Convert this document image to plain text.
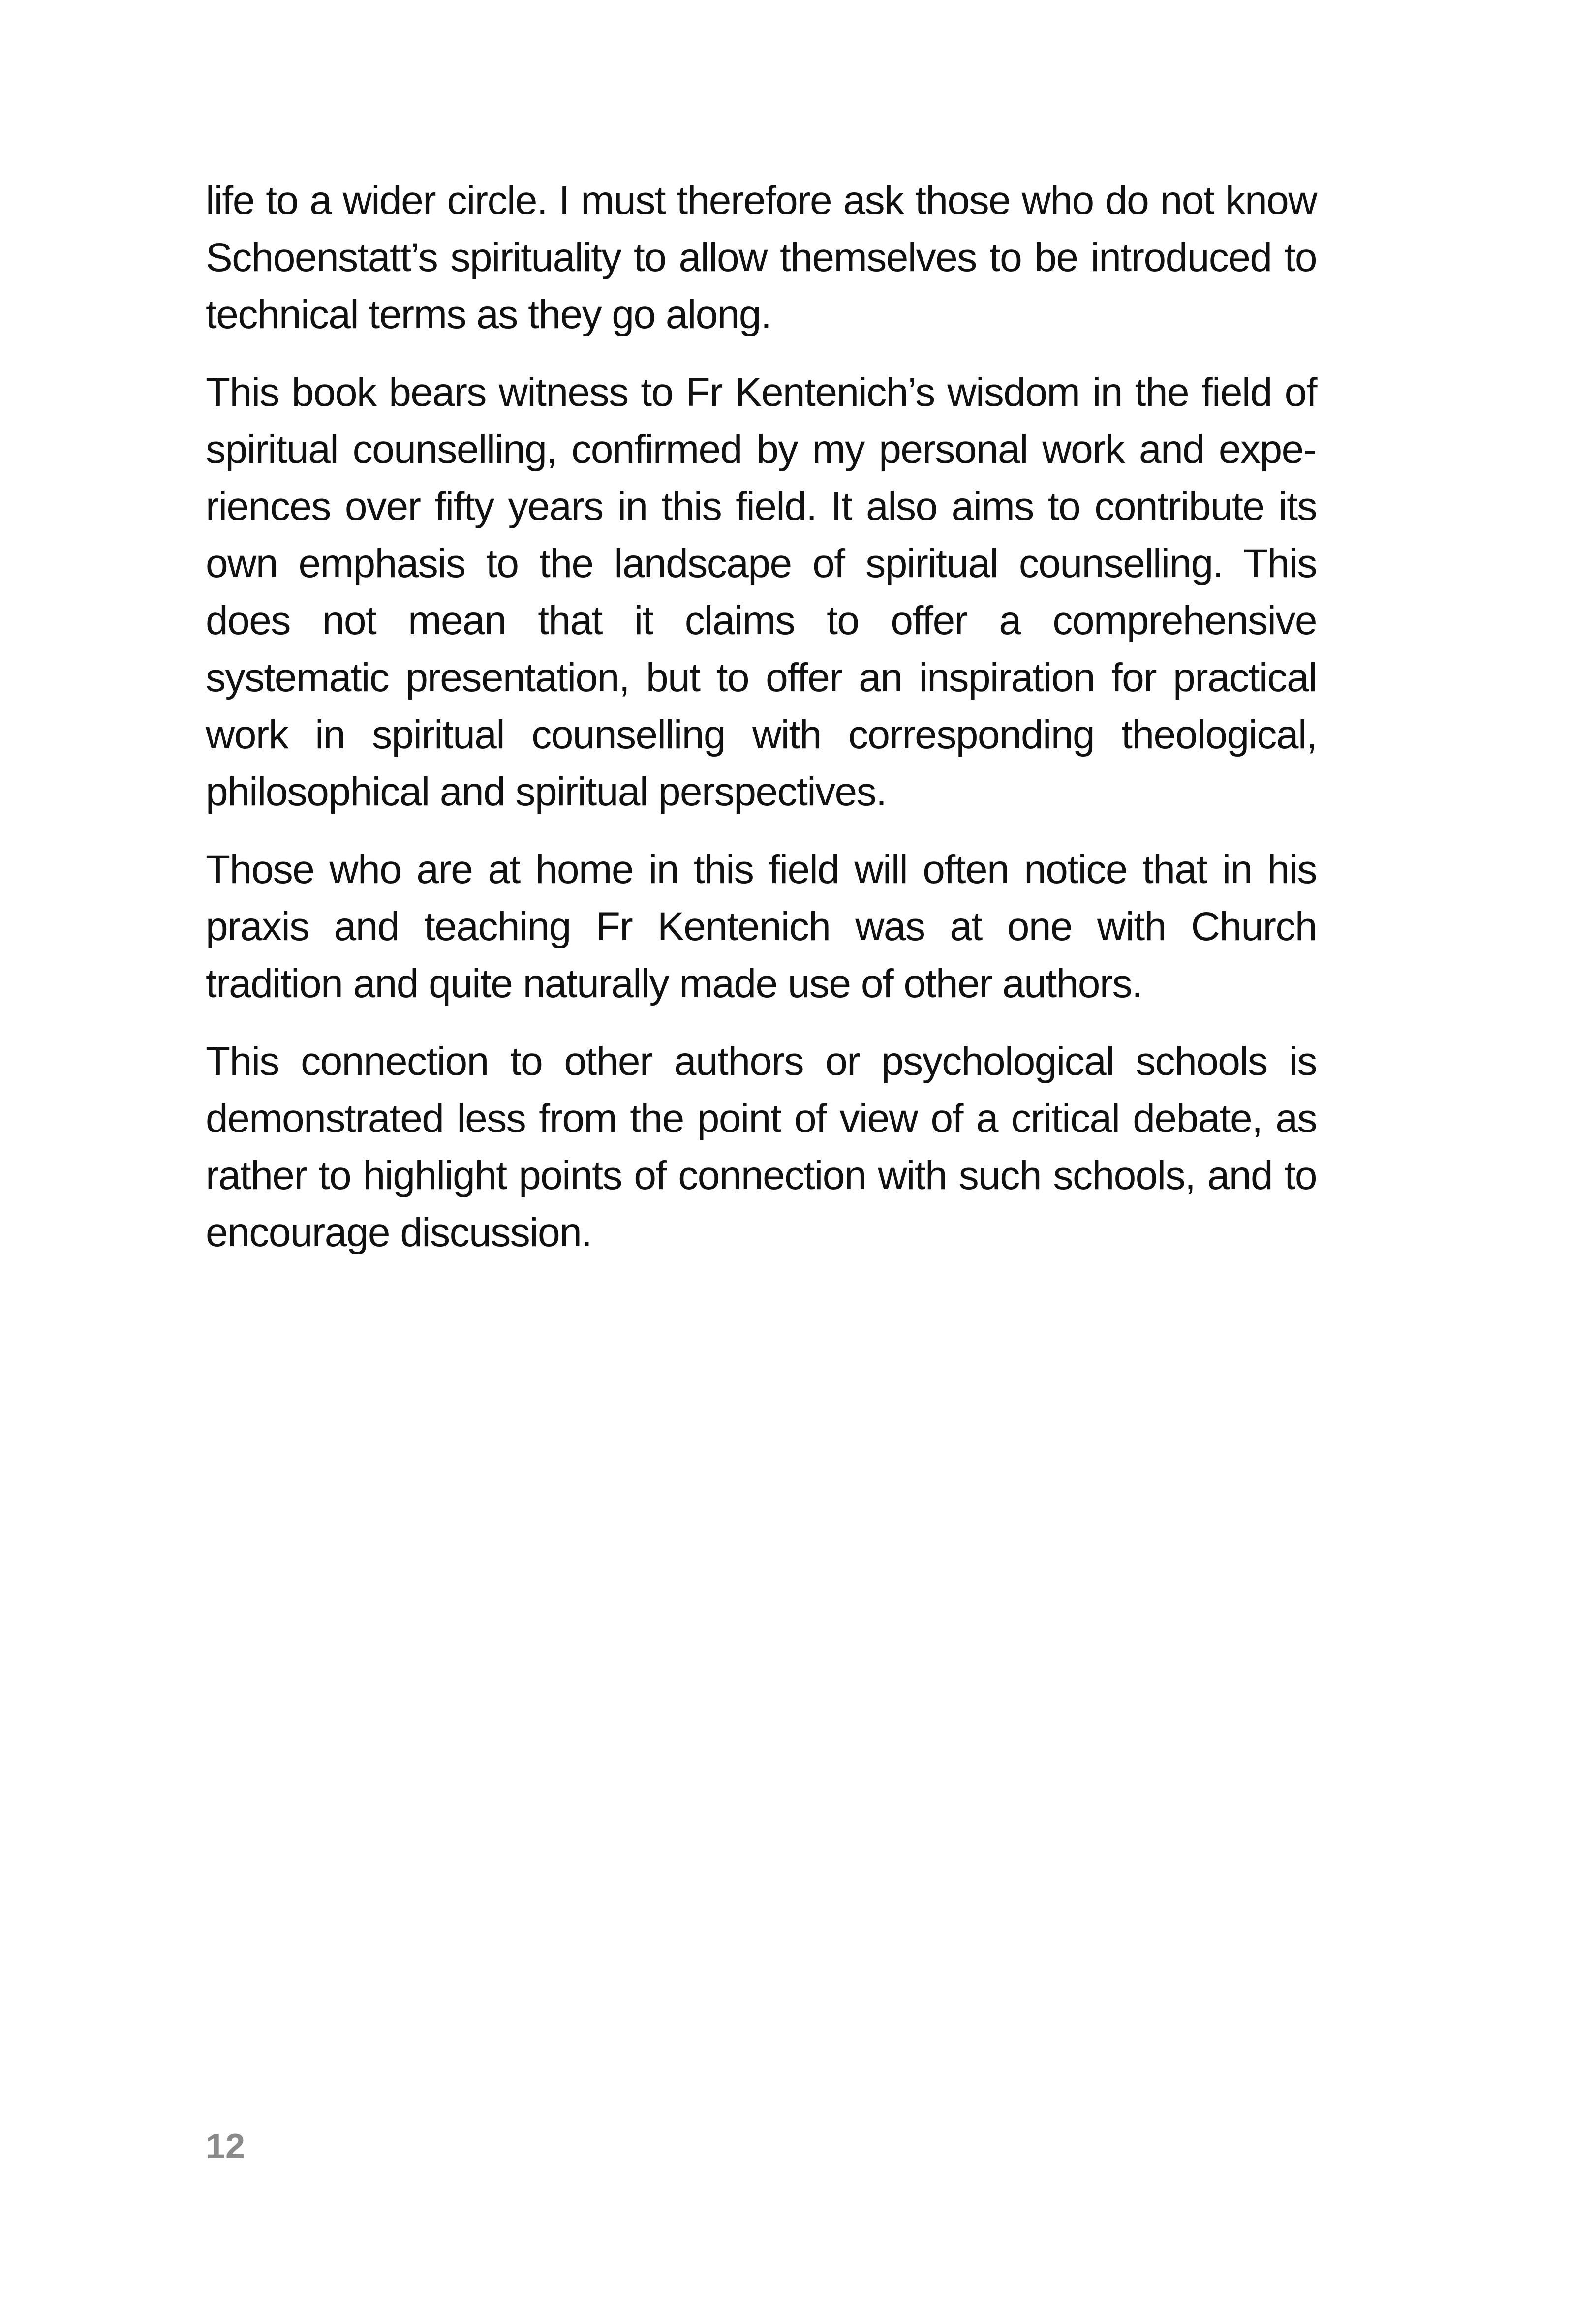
life to a wider circle. I must therefore ask those who do not know Schoenstatt’s spirituality to allow themselves to be introduced to technical terms as they go along.

This book bears witness to Fr Kentenich’s wisdom in the field of spiritual counselling, confirmed by my personal work and experiences over fifty years in this field. It also aims to contribute its own emphasis to the landscape of spiritual counselling. This does not mean that it claims to offer a comprehensive systematic presentation, but to offer an inspiration for practical work in spiritual counselling with corresponding theological, philosophical and spiritual perspectives.

Those who are at home in this field will often notice that in his praxis and teaching Fr Kentenich was at one with Church tradition and quite naturally made use of other authors.

This connection to other authors or psychological schools is demonstrated less from the point of view of a critical debate, as rather to highlight points of connection with such schools, and to encourage discussion.

12
